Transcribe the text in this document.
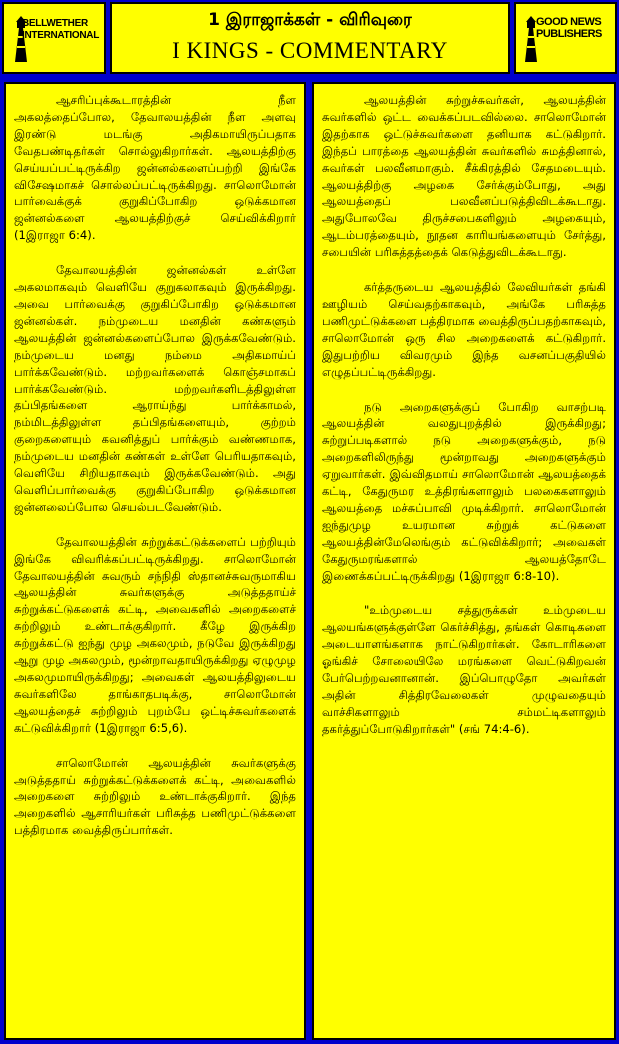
BELLWETHER INTERNATIONAL
1 இராஜாக்கள் - விரிவுரை
I KINGS - COMMENTARY
GOOD NEWS PUBLISHERS

ஆசரிப்புக்கூடாரத்தின் நீள அகலத்தைப்போல, தேவாலயத்தின் நீள அளவு இரண்டு மடங்கு அதிகமாயிருப்பதாக வேதபண்டிதர்கள் சொல்லுகிறார்கள். ஆலயத்திற்கு செய்யப்பட்டிருக்கிற ஜன்னல்களைப்பற்றி இங்கே விசேஷமாகச் சொல்லப்பட்டிருக்கிறது. சாலொமோன் பார்வைக்குக் குறுகிப்போகிற ஒடுக்கமான ஜன்னல்களை ஆலயத்திற்குச் செய்விக்கிறார் (1இராஜா 6:4).

தேவாலயத்தின் ஜன்னல்கள் உள்ளே அகலமாகவும் வெளியே குறுகலாகவும் இருக்கிறது. அவை பார்வைக்கு குறுகிப்போகிற ஒடுக்கமான ஜன்னல்கள். நம்முடைய மனதின் கண்களும் ஆலயத்தின் ஜன்னல்களைப்போல இருக்கவேண்டும். நம்முடைய மனது நம்மை அதிகமாய்ப் பார்க்கவேண்டும். மற்றவர்களைக் கொஞ்சமாகப் பார்க்கவேண்டும். மற்றவர்களிடத்திலுள்ள தப்பிதங்களை ஆராய்ந்து பார்க்காமல், நம்மிடத்திலுள்ள தப்பிதங்களையும், குற்றம் குறைகளையும் கவனித்துப் பார்க்கும் வண்ணமாக, நம்முடைய மனதின் கண்கள் உள்ளே பெரியதாகவும், வெளியே சிறியதாகவும் இருக்கவேண்டும். அது வெளிப்பார்வைக்கு குறுகிப்போகிற ஒடுக்கமான ஜன்னலைப்போல செயல்படவேண்டும்.

தேவாலயத்தின் சுற்றுக்கட்டுக்களைப் பற்றியும் இங்கே விவரிக்கப்பட்டிருக்கிறது. சாலொமோன் தேவாலயத்தின் சுவரும் சந்நிதி ஸ்தானச்சுவருமாகிய ஆலயத்தின் சுவர்களுக்கு அடுத்ததாய்ச் சுற்றுக்கட்டுகளைக் கட்டி, அவைகளில் அறைகளைச் சுற்றிலும் உண்டாக்குகிறார். கீழே இருக்கிற சுற்றுக்கட்டு ஐந்து முழ அகலமும், நடுவே இருக்கிறது ஆறு முழ அகலமும், மூன்றாவதாயிருக்கிறது ஏழுமுழ அகலமுமாயிருக்கிறது; அவைகள் ஆலயத்திலுடைய சுவர்களிலே தாங்காதபடிக்கு, சாலொமோன் ஆலயத்தைச் சுற்றிலும் புறம்பே ஒட்டிச்சுவர்களைக் கட்டுவிக்கிறார் (1இராஜா 6:5,6).

சாலொமோன் ஆலயத்தின் சுவர்களுக்கு அடுத்ததாய் சுற்றுக்கட்டுக்களைக் கட்டி, அவைகளில் அறைகளை சுற்றிலும் உண்டாக்குகிறார். இந்த அறைகளில் ஆசாரியர்கள் பரிசுத்த பணிமுட்டுக்களை பத்திரமாக வைத்திருப்பார்கள்.

ஆலயத்தின் சுற்றுச்சுவர்கள், ஆலயத்தின் சுவர்களில் ஒட்ட வைக்கப்படவில்லை. சாலொமோன் இதற்காக ஒட்டுச்சுவர்களை தனியாக கட்டுகிறார். இந்தப் பாரத்தை ஆலயத்தின் சுவர்களில் சுமத்தினால், சுவர்கள் பலவீனமாகும். சீக்கிரத்தில் சேதமடையும். ஆலயத்திற்கு அழகை சேர்க்கும்போது, அது ஆலயத்தைப் பலவீனப்படுத்திவிடக்கூடாது. அதுபோலவே திருச்சபைகளிலும் அழகையும், ஆடம்பரத்தையும், நூதன காரியங்களையும் சேர்த்து, சபையின் பரிசுத்தத்தைக் கெடுத்துவிடக்கூடாது.

கர்த்தருடைய ஆலயத்தில் லேவியர்கள் தங்கி ஊழியம் செய்வதற்காகவும், அங்கே பரிசுத்த பணிமுட்டுக்களை பத்திரமாக வைத்திருப்பதற்காகவும், சாலொமோன் ஒரு சில அறைகளைக் கட்டுகிறார். இதுபற்றிய விவரமும் இந்த வசனப்பகுதியில் எழுதப்பட்டிருக்கிறது.

நடு அறைகளுக்குப் போகிற வாசற்படி ஆலயத்தின் வலதுபுறத்தில் இருக்கிறது; சுற்றுப்படிகளால் நடு அறைகளுக்கும், நடு அறைகளிலிருந்து மூன்றாவது அறைகளுக்கும் ஏறுவார்கள். இவ்விதமாய் சாலொமோன் ஆலயத்தைக் கட்டி, கேதுருமர உத்திரங்களாலும் பலகைகளாலும் ஆலயத்தை மச்சுப்பாவி முடிக்கிறார். சாலொமோன் ஐந்துமுழ உயரமான சுற்றுக் கட்டுகளை ஆலயத்தின்மேலெங்கும் கட்டுவிக்கிறார்; அவைகள் கேதுருமரங்களால் ஆலயத்தோடே இணைக்கப்பட்டிருக்கிறது (1இராஜா 6:8-10).

"உம்முடைய சத்துருக்கள் உம்முடைய ஆலயங்களுக்குள்ளே கெர்ச்சித்து, தங்கள் கொடிகளை அடையாளங்களாக நாட்டுகிறார்கள். கோடாரிகளை ஓங்கிச் சோலையிலே மரங்களை வெட்டுகிறவன் பேர்பெற்றவனானான். இப்பொழுதோ அவர்கள் அதின் சித்திரவேலைகள் முழுவதையும் வாச்சிகளாலும் சம்மட்டிகளாலும் தகர்த்துப்போடுகிறார்கள்" (சங் 74:4-6).
